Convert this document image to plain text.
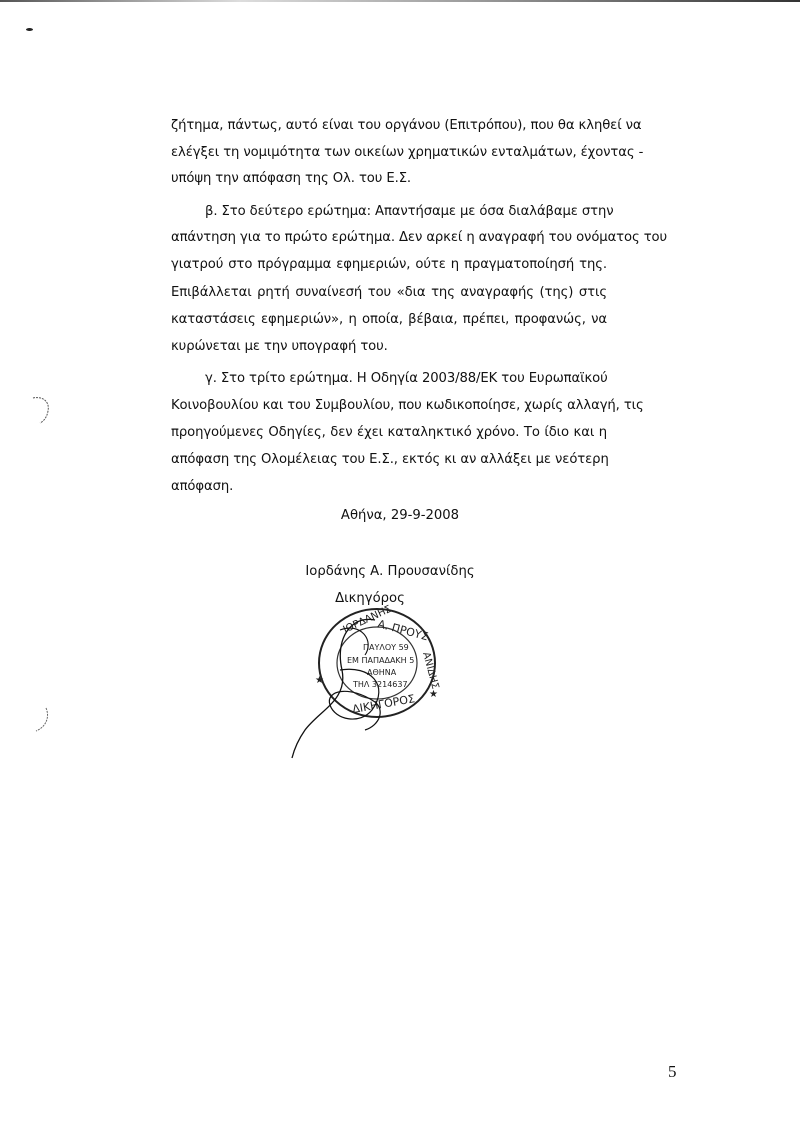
ζήτημα, πάντως, αυτό είναι του οργάνου (Επιτρόπου), που θα κληθεί να
ελέγξει τη νομιμότητα των οικείων χρηματικών ενταλμάτων, έχοντας -
υπόψη την απόφαση της Ολ. του Ε.Σ.
β. Στο δεύτερο ερώτημα: Απαντήσαμε με όσα διαλάβαμε στην
απάντηση για το πρώτο ερώτημα. Δεν αρκεί η αναγραφή του ονόματος του
γιατρού στο πρόγραμμα εφημεριών, ούτε η πραγματοποίησή της.
Επιβάλλεται ρητή συναίνεσή του «δια της αναγραφής (της) στις
καταστάσεις εφημεριών», η οποία, βέβαια, πρέπει, προφανώς, να
κυρώνεται με την υπογραφή του.
γ. Στο τρίτο ερώτημα. Η Οδηγία 2003/88/ΕΚ του Ευρωπαϊκού
Κοινοβουλίου και του Συμβουλίου, που κωδικοποίησε, χωρίς αλλαγή, τις
προηγούμενες Οδηγίες, δεν έχει καταληκτικό χρόνο. Το ίδιο και η
απόφαση της Ολομέλειας του Ε.Σ., εκτός κι αν αλλάξει με νεότερη
απόφαση.
Αθήνα, 29-9-2008
Ιορδάνης Α. Προυσανίδης
Δικηγόρος
ΙΟΡΔΑΝΗΣ
Α. ΠΡΟΥΣ
ΑΝΙΔΗΣ
ΔΙΚΗΓΟΡΟΣ
ΠΑΥΛΟΥ 59
ΕΜ ΠΑΠΑΔΑΚΗ 5
ΑΘΗΝΑ
ΤΗΛ 3214637
★
★
5
